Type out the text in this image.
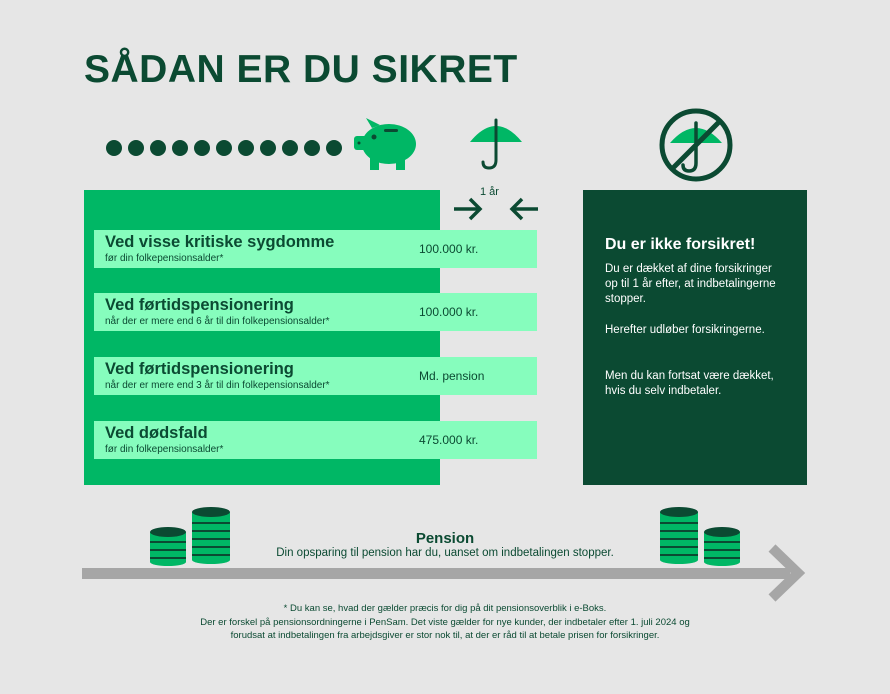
SÅDAN ER DU SIKRET
1 år
Ved visse kritiske sygdomme
før din folkepensionsalder*
100.000 kr.
Ved førtidspensionering
når der er mere end 6 år til din folkepensionsalder*
100.000 kr.
Ved førtidspensionering
når der er mere end 3 år til din folkepensionsalder*
Md. pension
Ved dødsfald
før din folkepensionsalder*
475.000 kr.
Du er ikke forsikret!
Du er dækket af dine forsikringer op til 1 år efter, at indbetalingerne stopper.
Herefter udløber forsikringerne.
Men du kan fortsat være dækket, hvis du selv indbetaler.
Pension
Din opsparing til pension har du, uanset om indbetalingen stopper.
* Du kan se, hvad der gælder præcis for dig på dit pensionsoverblik i e-Boks.
Der er forskel på pensionsordningerne i PenSam. Det viste gælder for nye kunder, der indbetaler efter 1. juli 2024 og
forudsat at indbetalingen fra arbejdsgiver er stor nok til, at der er råd til at betale prisen for forsikringer.
